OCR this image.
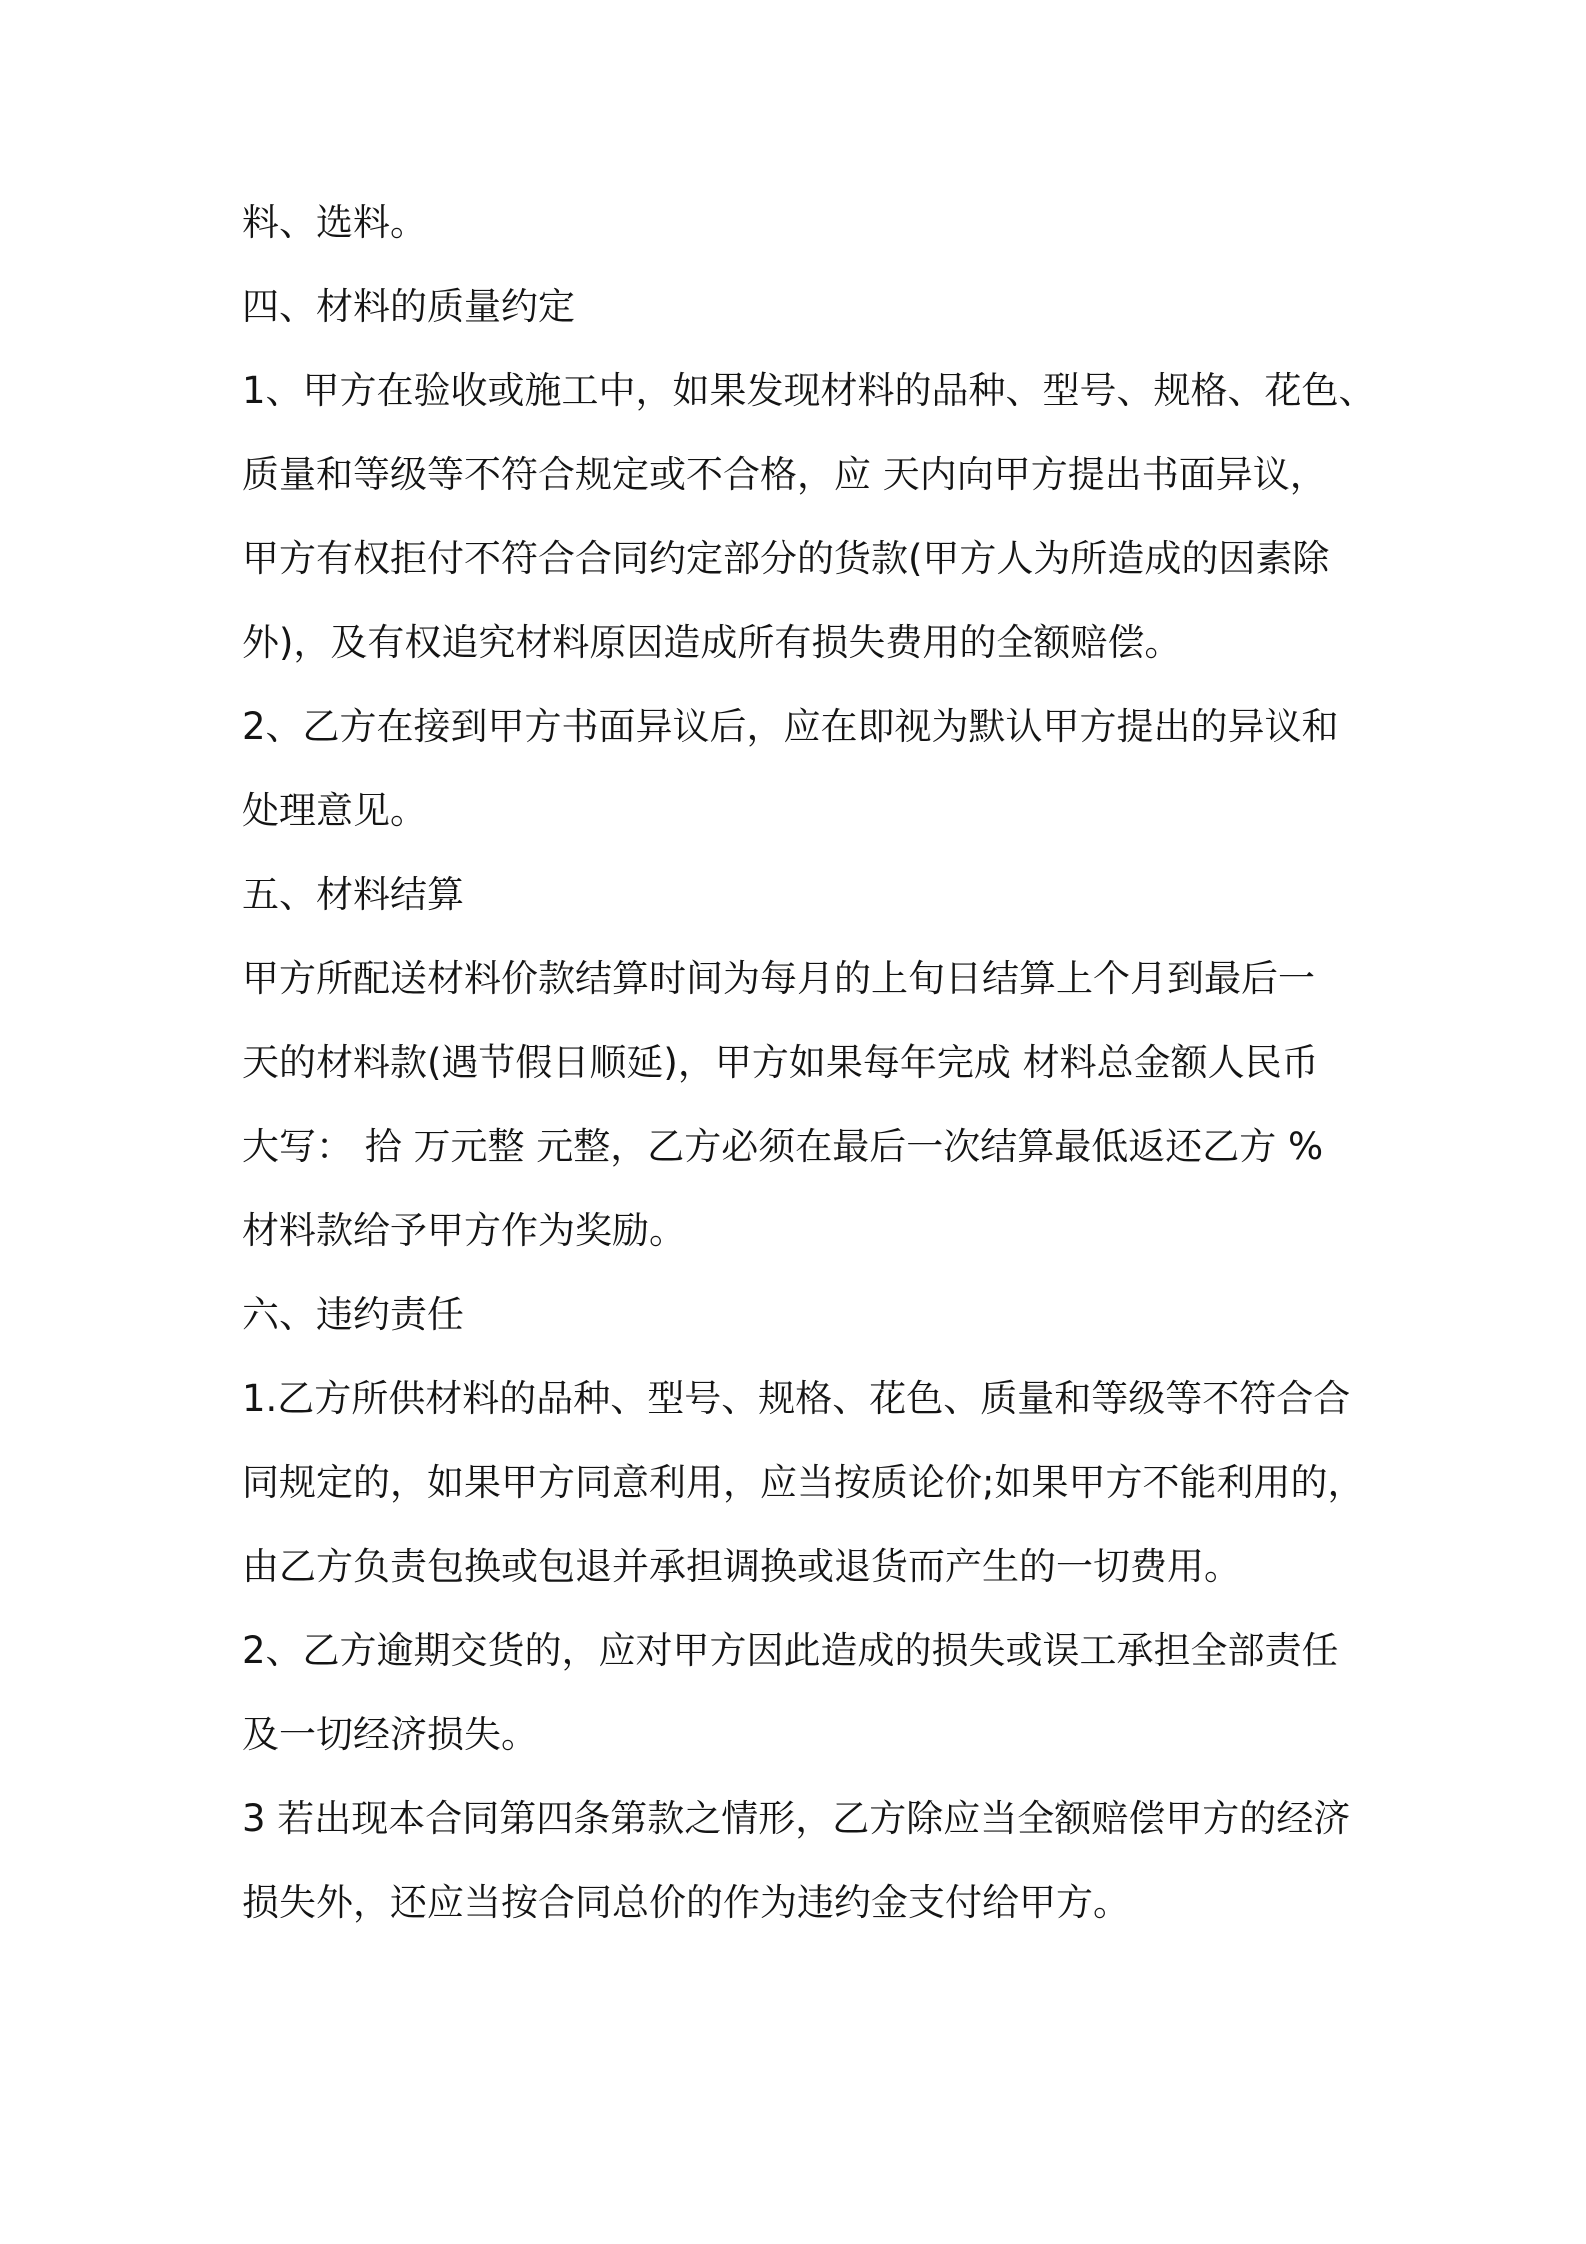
料、选料。
四、材料的质量约定
1、甲方在验收或施工中，如果发现材料的品种、型号、规格、花色、
质量和等级等不符合规定或不合格，应 天内向甲方提出书面异议，
甲方有权拒付不符合合同约定部分的货款(甲方人为所造成的因素除
外)，及有权追究材料原因造成所有损失费用的全额赔偿。
2、乙方在接到甲方书面异议后，应在即视为默认甲方提出的异议和
处理意见。
五、材料结算
甲方所配送材料价款结算时间为每月的上旬日结算上个月到最后一
天的材料款(遇节假日顺延)，甲方如果每年完成 材料总金额人民币
大写： 拾 万元整 元整，乙方必须在最后一次结算最低返还乙方 %
材料款给予甲方作为奖励。
六、违约责任
1.乙方所供材料的品种、型号、规格、花色、质量和等级等不符合合
同规定的，如果甲方同意利用，应当按质论价;如果甲方不能利用的，
由乙方负责包换或包退并承担调换或退货而产生的一切费用。
2、乙方逾期交货的，应对甲方因此造成的损失或误工承担全部责任
及一切经济损失。
3 若出现本合同第四条第款之情形，乙方除应当全额赔偿甲方的经济
损失外，还应当按合同总价的作为违约金支付给甲方。
